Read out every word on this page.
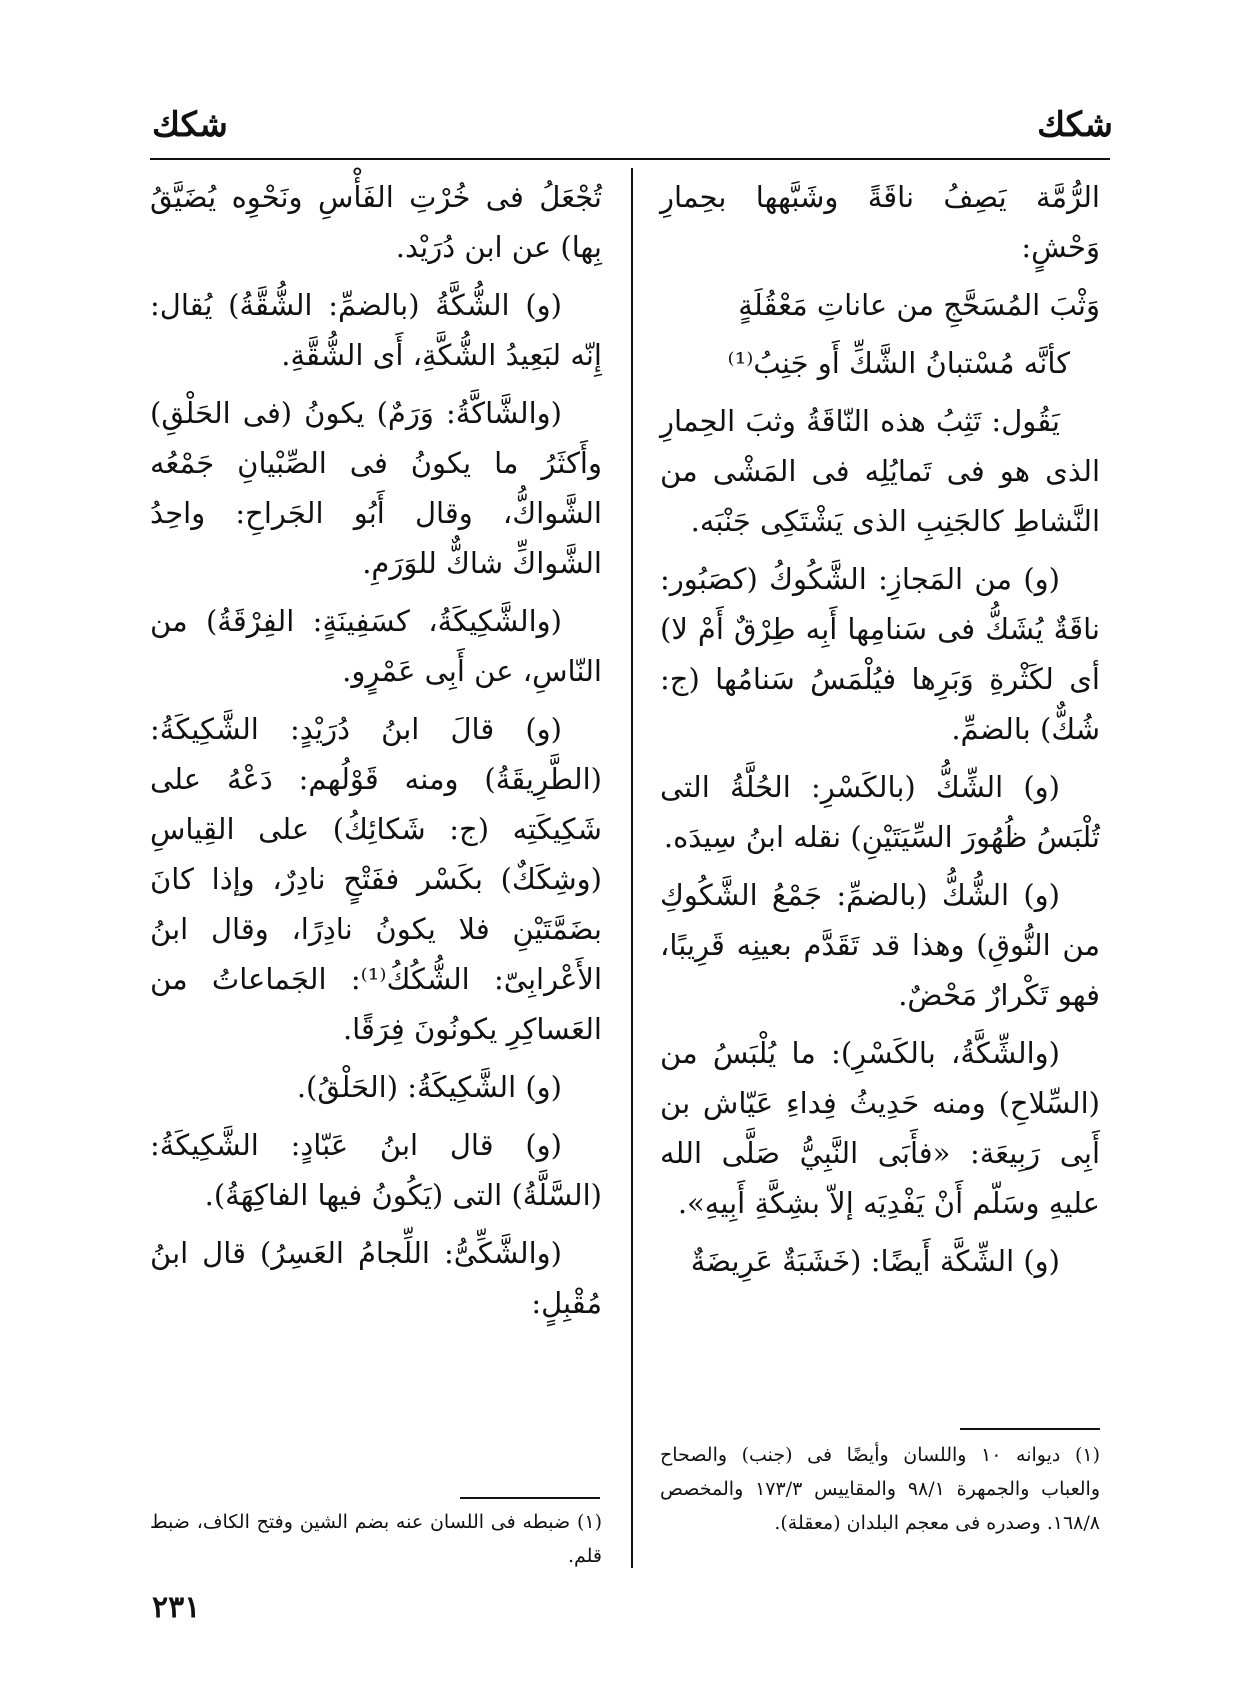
شكك
شكك

الرُّمَّة يَصِفُ ناقَةً وشَبَّهها بحِمارِ وَحْشٍ:

وَثْبَ المُسَحَّجِ من عاناتِ مَعْقُلَةٍ

كأنَّه مُسْتبانُ الشَّكِّ أَو جَنِبُ⁽¹⁾

يَقُول: تَثِبُ هذه النّاقَةُ وثبَ الحِمارِ الذى هو فى تَمايُلِه فى المَشْى من النَّشاطِ كالجَنِبِ الذى يَشْتَكِى جَنْبَه.

(و) من المَجازِ: الشَّكُوكُ (كصَبُور: ناقَةٌ يُشَكُّ فى سَنامِها أَبِه طِرْقٌ أَمْ لا) أى لكَثْرةِ وَبَرِها فيُلْمَسُ سَنامُها (ج: شُكٌّ) بالضمِّ.

(و) الشِّكُّ (بالكَسْرِ: الحُلَّةُ التى تُلْبَسُ ظُهُورَ السِّيَتَيْنِ) نقله ابنُ سِيدَه.

(و) الشُّكُّ (بالضمِّ: جَمْعُ الشَّكُوكِ من النُّوقِ) وهذا قد تَقَدَّم بعينِه قَرِيبًا، فهو تَكْرارٌ مَحْضٌ.

(والشِّكَّةُ، بالكَسْرِ): ما يُلْبَسُ من (السِّلاحِ) ومنه حَدِيثُ فِداءِ عَيّاش بن أَبِى رَبِيعَة: «فأَبَى النَّبِيُّ صَلَّى الله عليهِ وسَلّم أَنْ يَفْدِيَه إلاّ بشِكَّةِ أَبِيهِ».

(و) الشِّكَّة أَيضًا: (خَشَبَةٌ عَرِيضَةٌ

تُجْعَلُ فى خُرْتِ الفَأْسِ ونَحْوِه يُضَيَّقُ بِها) عن ابن دُرَيْد.

(و) الشُّكَّةُ (بالضمِّ: الشُّقَّةُ) يُقال: إِنّه لبَعِيدُ الشُّكَّةِ، أَى الشُّقَّةِ.

(والشَّاكَّةُ: وَرَمٌ) يكونُ (فى الحَلْقِ) وأَكثَرُ ما يكونُ فى الصِّبْيانِ جَمْعُه الشَّواكُّ، وقال أَبُو الجَراحِ: واحِدُ الشَّواكِّ شاكٌّ للوَرَمِ.

(والشَّكِيكَةُ، كسَفِينَةٍ: الفِرْقَةُ) من النّاسِ، عن أَبِى عَمْرٍو.

(و) قالَ ابنُ دُرَيْدٍ: الشَّكِيكَةُ: (الطَّرِيقَةُ) ومنه قَوْلُهم: دَعْهُ على شَكِيكَتِه (ج: شَكائِكُ) على القِياسِ (وشِكَكٌ) بكَسْر ففَتْحٍ نادِرٌ، وإذا كانَ بضَمَّتَيْنِ فلا يكونُ نادِرًا، وقال ابنُ الأَعْرابِىّ: الشُّكُكُ⁽¹⁾: الجَماعاتُ من العَساكِرِ يكونُونَ فِرَقًا.

(و) الشَّكِيكَةُ: (الحَلْقُ).

(و) قال ابنُ عَبّادٍ: الشَّكِيكَةُ: (السَّلَّةُ) التى (يَكُونُ فيها الفاكِهَةُ).

(والشَّكِّىُّ: اللِّجامُ العَسِرُ) قال ابنُ مُقْبِلٍ:

(١) ديوانه ١٠ واللسان وأيضًا فى (جنب) والصحاح والعباب والجمهرة ٩٨/١ والمقاييس ١٧٣/٣ والمخصص ١٦٨/٨. وصدره فى معجم البلدان (معقلة).
(١) ضبطه فى اللسان عنه بضم الشين وفتح الكاف، ضبط قلم.
٢٣١
